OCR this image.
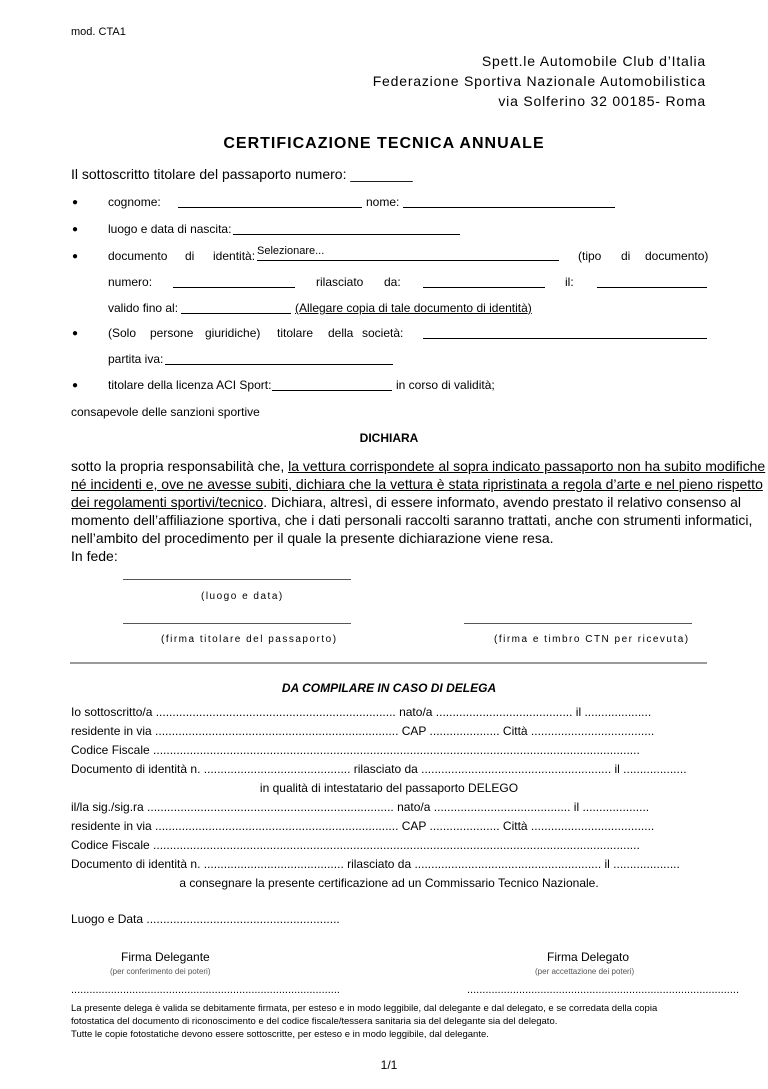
mod. CTA1
Spett.le Automobile Club d’Italia
Federazione Sportiva Nazionale Automobilistica
via Solferino 32 00185- Roma
CERTIFICAZIONE TECNICA ANNUALE
Il sottoscritto titolare del passaporto numero: ________
● cognome:	nome:
● luogo e data di nascita:
● documento di identità: Selezionare...	(tipo di documento)
numero:	rilasciato da:	il:
valido fino al:	(Allegare copia di tale documento di identità)
● (Solo persone giuridiche) titolare della società:
partita iva:
● titolare della licenza ACI Sport:	in corso di validità;
consapevole delle sanzioni sportive
DICHIARA
sotto la propria responsabilità che, la vettura corrispondete al sopra indicato passaporto non ha subito modifiche
né incidenti e, ove ne avesse subiti, dichiara che la vettura è stata ripristinata a regola d’arte e nel pieno rispetto
dei regolamenti sportivi/tecnico. Dichiara, altresì, di essere informato, avendo prestato il relativo consenso al
momento dell’affiliazione sportiva, che i dati personali raccolti saranno trattati, anche con strumenti informatici,
nell’ambito del procedimento per il quale la presente dichiarazione viene resa.
In fede:
(luogo e data)
(firma titolare del passaporto)	(firma e timbro CTN per ricevuta)
DA COMPILARE IN CASO DI DELEGA
Io sottoscritto/a ........................................................................ nato/a ......................................... il ....................
residente in via ......................................................................... CAP ..................... Città .....................................
Codice Fiscale ..................................................................................................................................................
Documento di identità n. ............................................ rilasciato da ......................................................... il ...................
in qualità di intestatario del passaporto DELEGO
il/la sig./sig.ra .......................................................................... nato/a ......................................... il ....................
residente in via ......................................................................... CAP ..................... Città .....................................
Codice Fiscale ..................................................................................................................................................
Documento di identità n. .......................................... rilasciato da ........................................................ il ....................
a consegnare la presente certificazione ad un Commissario Tecnico Nazionale.
Luogo e Data ..........................................................
Firma Delegante
(per conferimento dei poteri)
Firma Delegato
(per accettazione dei poteri)
........................................................................................	.........................................................................................
La presente delega è valida se debitamente firmata, per esteso e in modo leggibile, dal delegante e dal delegato, e se corredata della copia
fotostatica del documento di riconoscimento e del codice fiscale/tessera sanitaria sia del delegante sia del delegato.
Tutte le copie fotostatiche devono essere sottoscritte, per esteso e in modo leggibile, dal delegante.
1/1
